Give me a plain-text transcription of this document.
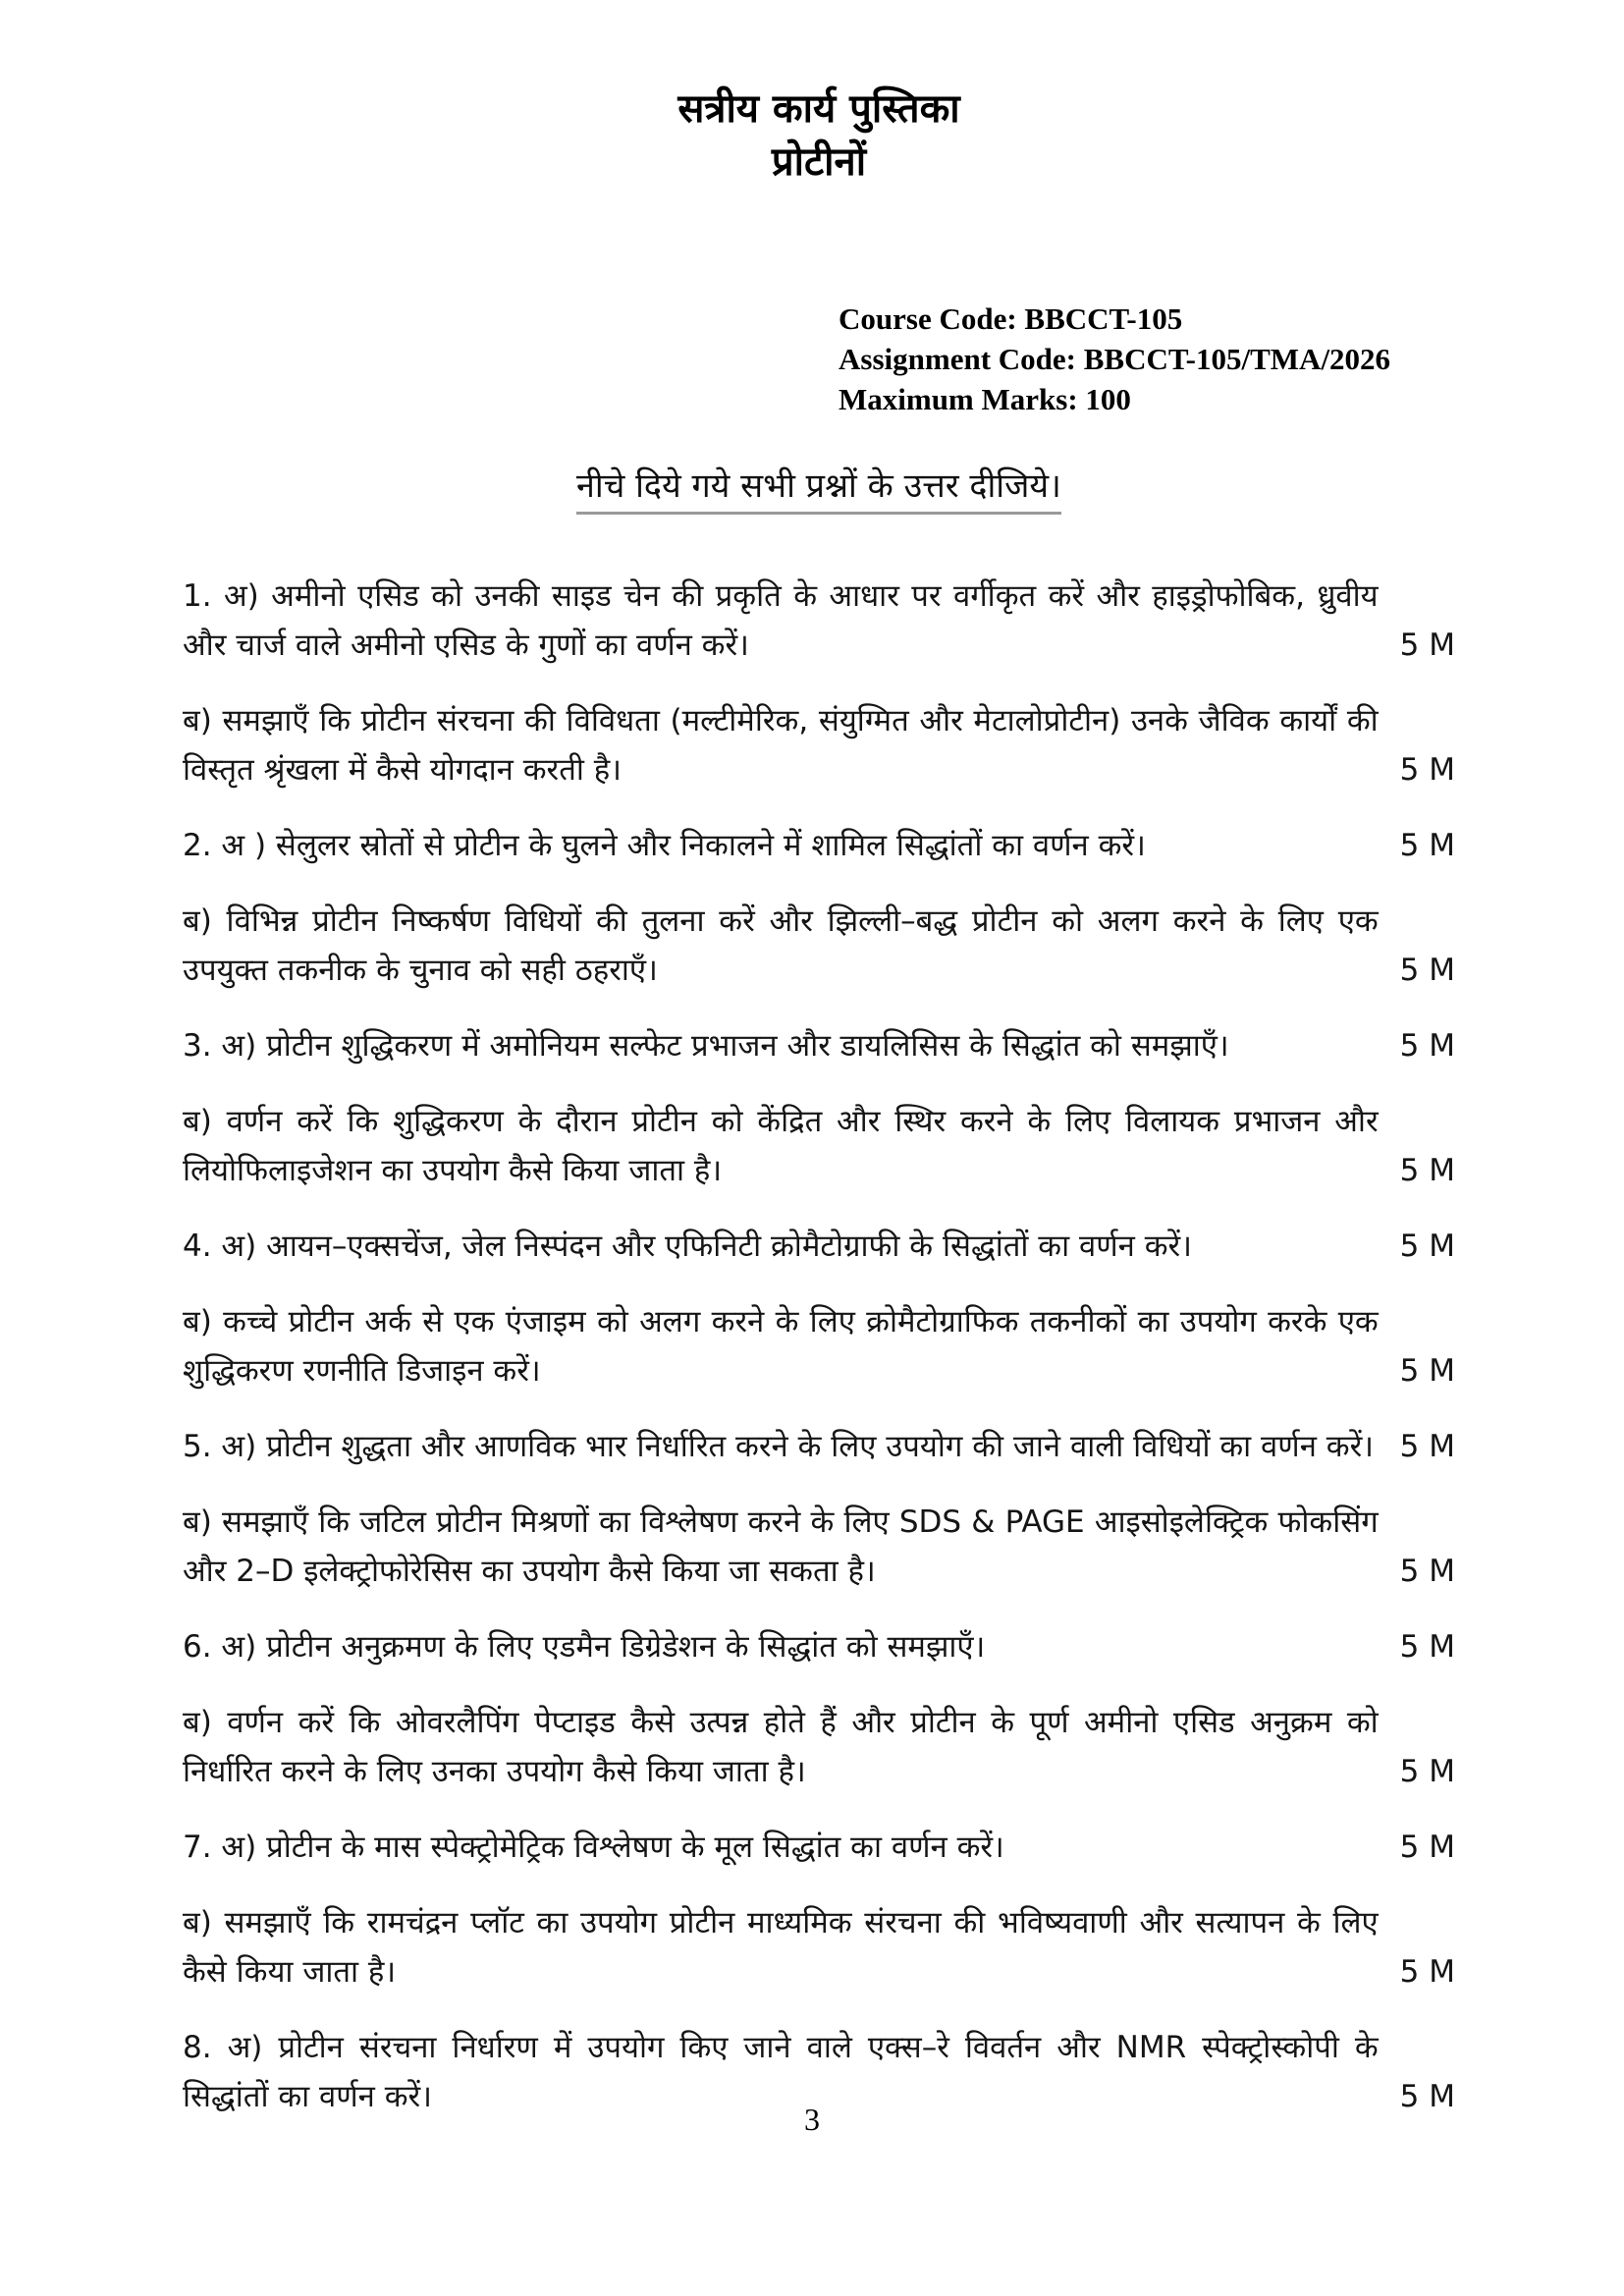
सत्रीय कार्य पुस्तिका
प्रोटीनों
Course Code: BBCCT-105
Assignment Code: BBCCT-105/TMA/2026
Maximum Marks: 100
नीचे दिये गये सभी प्रश्नों के उत्तर दीजिये।
1. अ) अमीनो एसिड को उनकी साइड चेन की प्रकृति के आधार पर वर्गीकृत करें और हाइड्रोफोबिक, ध्रुवीय और चार्ज वाले अमीनो एसिड के गुणों का वर्णन करें।	5 M
ब) समझाएँ कि प्रोटीन संरचना की विविधता (मल्टीमेरिक, संयुग्मित और मेटालोप्रोटीन) उनके जैविक कार्यों की विस्तृत श्रृंखला में कैसे योगदान करती है।	5 M
2. अ ) सेलुलर स्रोतों से प्रोटीन के घुलने और निकालने में शामिल सिद्धांतों का वर्णन करें।	5 M
ब) विभिन्न प्रोटीन निष्कर्षण विधियों की तुलना करें और झिल्ली–बद्ध प्रोटीन को अलग करने के लिए एक उपयुक्त तकनीक के चुनाव को सही ठहराएँ।	5 M
3. अ) प्रोटीन शुद्धिकरण में अमोनियम सल्फेट प्रभाजन और डायलिसिस के सिद्धांत को समझाएँ।	5 M
ब) वर्णन करें कि शुद्धिकरण के दौरान प्रोटीन को केंद्रित और स्थिर करने के लिए विलायक प्रभाजन और लियोफिलाइजेशन का उपयोग कैसे किया जाता है।	5 M
4. अ) आयन–एक्सचेंज, जेल निस्पंदन और एफिनिटी क्रोमैटोग्राफी के सिद्धांतों का वर्णन करें।	5 M
ब) कच्चे प्रोटीन अर्क से एक एंजाइम को अलग करने के लिए क्रोमैटोग्राफिक तकनीकों का उपयोग करके एक शुद्धिकरण रणनीति डिजाइन करें।	5 M
5. अ) प्रोटीन शुद्धता और आणविक भार निर्धारित करने के लिए उपयोग की जाने वाली विधियों का वर्णन करें। 5 M
ब) समझाएँ कि जटिल प्रोटीन मिश्रणों का विश्लेषण करने के लिए SDS & PAGE आइसोइलेक्ट्रिक फोकसिंग और 2–D इलेक्ट्रोफोरेसिस का उपयोग कैसे किया जा सकता है।	5 M
6. अ) प्रोटीन अनुक्रमण के लिए एडमैन डिग्रेडेशन के सिद्धांत को समझाएँ।	5 M
ब) वर्णन करें कि ओवरलैपिंग पेप्टाइड कैसे उत्पन्न होते हैं और प्रोटीन के पूर्ण अमीनो एसिड अनुक्रम को निर्धारित करने के लिए उनका उपयोग कैसे किया जाता है।	5 M
7. अ) प्रोटीन के मास स्पेक्ट्रोमेट्रिक विश्लेषण के मूल सिद्धांत का वर्णन करें।	5 M
ब) समझाएँ कि रामचंद्रन प्लॉट का उपयोग प्रोटीन माध्यमिक संरचना की भविष्यवाणी और सत्यापन के लिए कैसे किया जाता है।	5 M
8. अ) प्रोटीन संरचना निर्धारण में उपयोग किए जाने वाले एक्स–रे विवर्तन और NMR स्पेक्ट्रोस्कोपी के सिद्धांतों का वर्णन करें।	5 M
3
